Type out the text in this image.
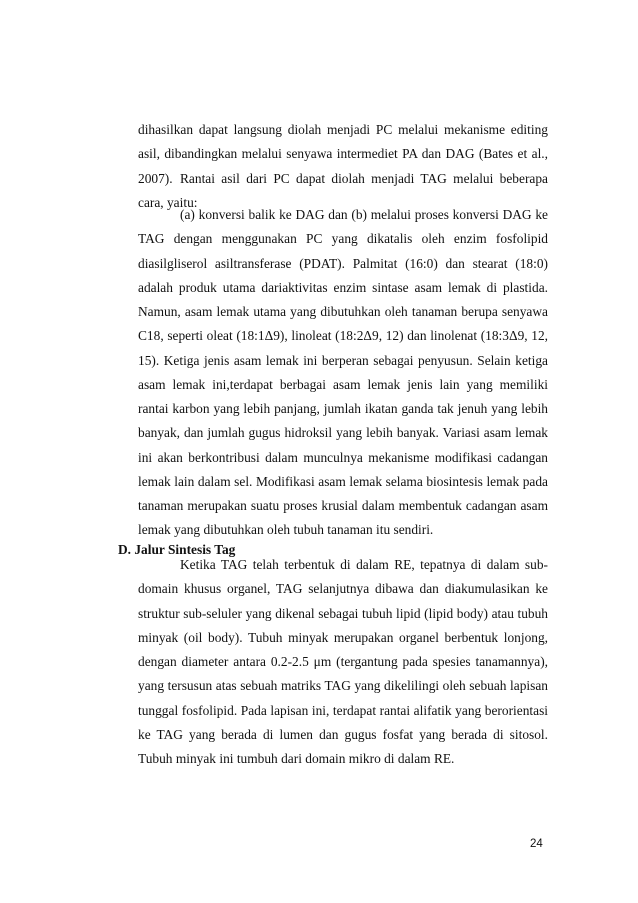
dihasilkan dapat langsung diolah menjadi PC melalui mekanisme editing asil, dibandingkan melalui senyawa intermediet PA dan DAG (Bates et al., 2007). Rantai asil dari PC dapat diolah menjadi TAG melalui beberapa cara, yaitu:

(a) konversi balik ke DAG dan (b) melalui proses konversi DAG ke TAG dengan menggunakan PC yang dikatalis oleh enzim fosfolipid diasilgliserol asiltransferase (PDAT). Palmitat (16:0) dan stearat (18:0) adalah produk utama dariaktivitas enzim sintase asam lemak di plastida. Namun, asam lemak utama yang dibutuhkan oleh tanaman berupa senyawa C18, seperti oleat (18:1Δ9), linoleat (18:2Δ9, 12) dan linolenat (18:3Δ9, 12, 15). Ketiga jenis asam lemak ini berperan sebagai penyusun. Selain ketiga asam lemak ini,terdapat berbagai asam lemak jenis lain yang memiliki rantai karbon yang lebih panjang, jumlah ikatan ganda tak jenuh yang lebih banyak, dan jumlah gugus hidroksil yang lebih banyak. Variasi asam lemak ini akan berkontribusi dalam munculnya mekanisme modifikasi cadangan lemak lain dalam sel. Modifikasi asam lemak selama biosintesis lemak pada tanaman merupakan suatu proses krusial dalam membentuk cadangan asam lemak yang dibutuhkan oleh tubuh tanaman itu sendiri.

D. Jalur Sintesis Tag

Ketika TAG telah terbentuk di dalam RE, tepatnya di dalam sub-domain khusus organel, TAG selanjutnya dibawa dan diakumulasikan ke struktur sub-seluler yang dikenal sebagai tubuh lipid (lipid body) atau tubuh minyak (oil body). Tubuh minyak merupakan organel berbentuk lonjong, dengan diameter antara 0.2-2.5 μm (tergantung pada spesies tanamannya), yang tersusun atas sebuah matriks TAG yang dikelilingi oleh sebuah lapisan tunggal fosfolipid. Pada lapisan ini, terdapat rantai alifatik yang berorientasi ke TAG yang berada di lumen dan gugus fosfat yang berada di sitosol. Tubuh minyak ini tumbuh dari domain mikro di dalam RE.

24
